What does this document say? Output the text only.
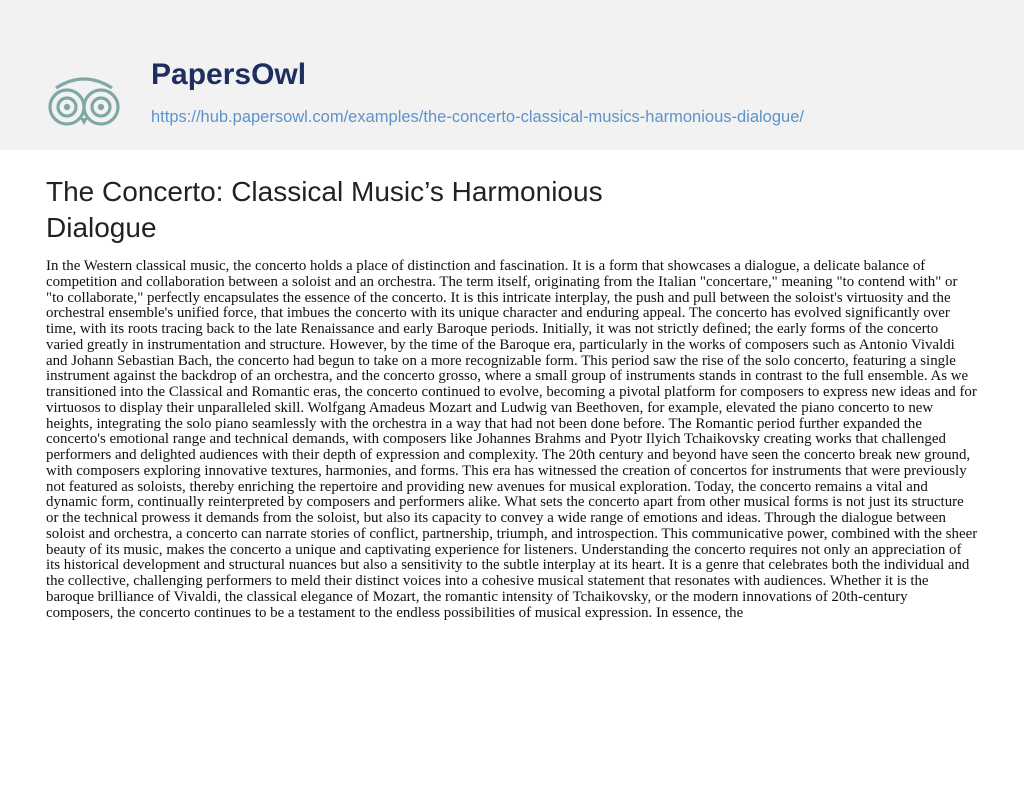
PapersOwl
https://hub.papersowl.com/examples/the-concerto-classical-musics-harmonious-dialogue/
The Concerto: Classical Music’s Harmonious Dialogue

In the Western classical music, the concerto holds a place of distinction and fascination. It is a form that showcases a dialogue, a delicate balance of competition and collaboration between a soloist and an orchestra. The term itself, originating from the Italian "concertare," meaning "to contend with" or "to collaborate," perfectly encapsulates the essence of the concerto. It is this intricate interplay, the push and pull between the soloist's virtuosity and the orchestral ensemble's unified force, that imbues the concerto with its unique character and enduring appeal. The concerto has evolved significantly over time, with its roots tracing back to the late Renaissance and early Baroque periods. Initially, it was not strictly defined; the early forms of the concerto varied greatly in instrumentation and structure. However, by the time of the Baroque era, particularly in the works of composers such as Antonio Vivaldi and Johann Sebastian Bach, the concerto had begun to take on a more recognizable form. This period saw the rise of the solo concerto, featuring a single instrument against the backdrop of an orchestra, and the concerto grosso, where a small group of instruments stands in contrast to the full ensemble. As we transitioned into the Classical and Romantic eras, the concerto continued to evolve, becoming a pivotal platform for composers to express new ideas and for virtuosos to display their unparalleled skill. Wolfgang Amadeus Mozart and Ludwig van Beethoven, for example, elevated the piano concerto to new heights, integrating the solo piano seamlessly with the orchestra in a way that had not been done before. The Romantic period further expanded the concerto's emotional range and technical demands, with composers like Johannes Brahms and Pyotr Ilyich Tchaikovsky creating works that challenged performers and delighted audiences with their depth of expression and complexity. The 20th century and beyond have seen the concerto break new ground, with composers exploring innovative textures, harmonies, and forms. This era has witnessed the creation of concertos for instruments that were previously not featured as soloists, thereby enriching the repertoire and providing new avenues for musical exploration. Today, the concerto remains a vital and dynamic form, continually reinterpreted by composers and performers alike. What sets the concerto apart from other musical forms is not just its structure or the technical prowess it demands from the soloist, but also its capacity to convey a wide range of emotions and ideas. Through the dialogue between soloist and orchestra, a concerto can narrate stories of conflict, partnership, triumph, and introspection. This communicative power, combined with the sheer beauty of its music, makes the concerto a unique and captivating experience for listeners. Understanding the concerto requires not only an appreciation of its historical development and structural nuances but also a sensitivity to the subtle interplay at its heart. It is a genre that celebrates both the individual and the collective, challenging performers to meld their distinct voices into a cohesive musical statement that resonates with audiences. Whether it is the baroque brilliance of Vivaldi, the classical elegance of Mozart, the romantic intensity of Tchaikovsky, or the modern innovations of 20th-century composers, the concerto continues to be a testament to the endless possibilities of musical expression. In essence, the
